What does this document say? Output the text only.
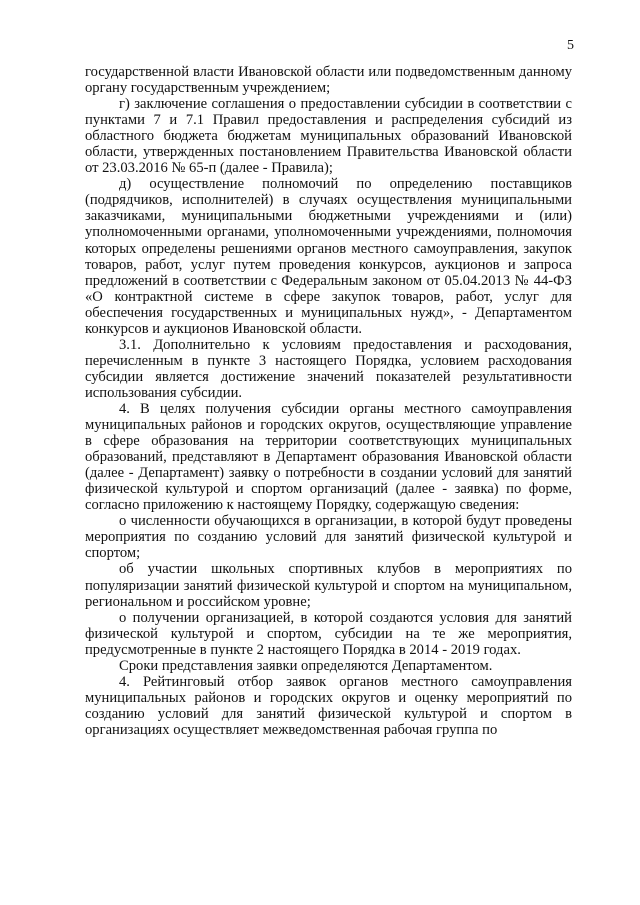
5

государственной власти Ивановской области или подведомственным данному органу государственным учреждением;

г) заключение соглашения о предоставлении субсидии в соответствии с пунктами 7 и 7.1 Правил предоставления и распределения субсидий из областного бюджета бюджетам муниципальных образований Ивановской области, утвержденных постановлением Правительства Ивановской области от 23.03.2016 № 65-п (далее - Правила);

д) осуществление полномочий по определению поставщиков (подрядчиков, исполнителей) в случаях осуществления муниципальными заказчиками, муниципальными бюджетными учреждениями и (или) уполномоченными органами, уполномоченными учреждениями, полномочия которых определены решениями органов местного самоуправления, закупок товаров, работ, услуг путем проведения конкурсов, аукционов и запроса предложений в соответствии с Федеральным законом от 05.04.2013 № 44-ФЗ «О контрактной системе в сфере закупок товаров, работ, услуг для обеспечения государственных и муниципальных нужд», - Департаментом конкурсов и аукционов Ивановской области.

3.1. Дополнительно к условиям предоставления и расходования, перечисленным в пункте 3 настоящего Порядка, условием расходования субсидии является достижение значений показателей результативности использования субсидии.

4. В целях получения субсидии органы местного самоуправления муниципальных районов и городских округов, осуществляющие управление в сфере образования на территории соответствующих муниципальных образований, представляют в Департамент образования Ивановской области (далее - Департамент) заявку о потребности в создании условий для занятий физической культурой и спортом организаций (далее - заявка) по форме, согласно приложению к настоящему Порядку, содержащую сведения:

о численности обучающихся в организации, в которой будут проведены мероприятия по созданию условий для занятий физической культурой и спортом;

об участии школьных спортивных клубов в мероприятиях по популяризации занятий физической культурой и спортом на муниципальном, региональном и российском уровне;

о получении организацией, в которой создаются условия для занятий физической культурой и спортом, субсидии на те же мероприятия, предусмотренные в пункте 2 настоящего Порядка в 2014 - 2019 годах.

Сроки представления заявки определяются Департаментом.

4. Рейтинговый отбор заявок органов местного самоуправления муниципальных районов и городских округов и оценку мероприятий по созданию условий для занятий физической культурой и спортом в организациях осуществляет межведомственная рабочая группа по
